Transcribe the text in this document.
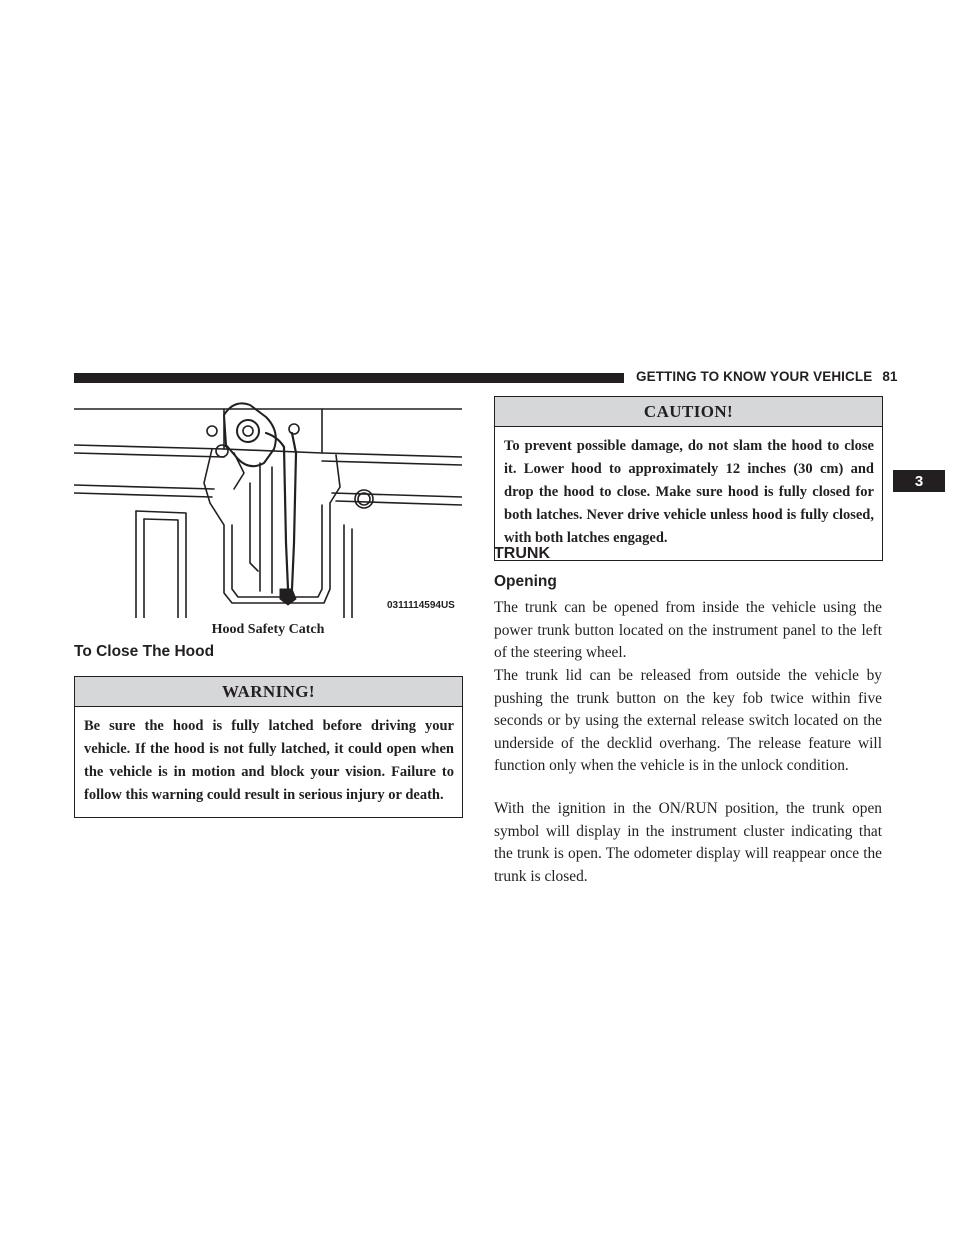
GETTING TO KNOW YOUR VEHICLE 81
3
0311114594US
Hood Safety Catch
To Close The Hood
WARNING!
Be sure the hood is fully latched before driving your vehicle. If the hood is not fully latched, it could open when the vehicle is in motion and block your vision. Failure to follow this warning could result in serious injury or death.
CAUTION!
To prevent possible damage, do not slam the hood to close it. Lower hood to approximately 12 inches (30 cm) and drop the hood to close. Make sure hood is fully closed for both latches. Never drive vehicle unless hood is fully closed, with both latches engaged.
TRUNK
Opening

The trunk can be opened from inside the vehicle using the power trunk button located on the instrument panel to the left of the steering wheel.

The trunk lid can be released from outside the vehicle by pushing the trunk button on the key fob twice within five seconds or by using the external release switch located on the underside of the decklid overhang. The release feature will function only when the vehicle is in the unlock condition.

With the ignition in the ON/RUN position, the trunk open symbol will display in the instrument cluster indicating that the trunk is open. The odometer display will reappear once the trunk is closed.
